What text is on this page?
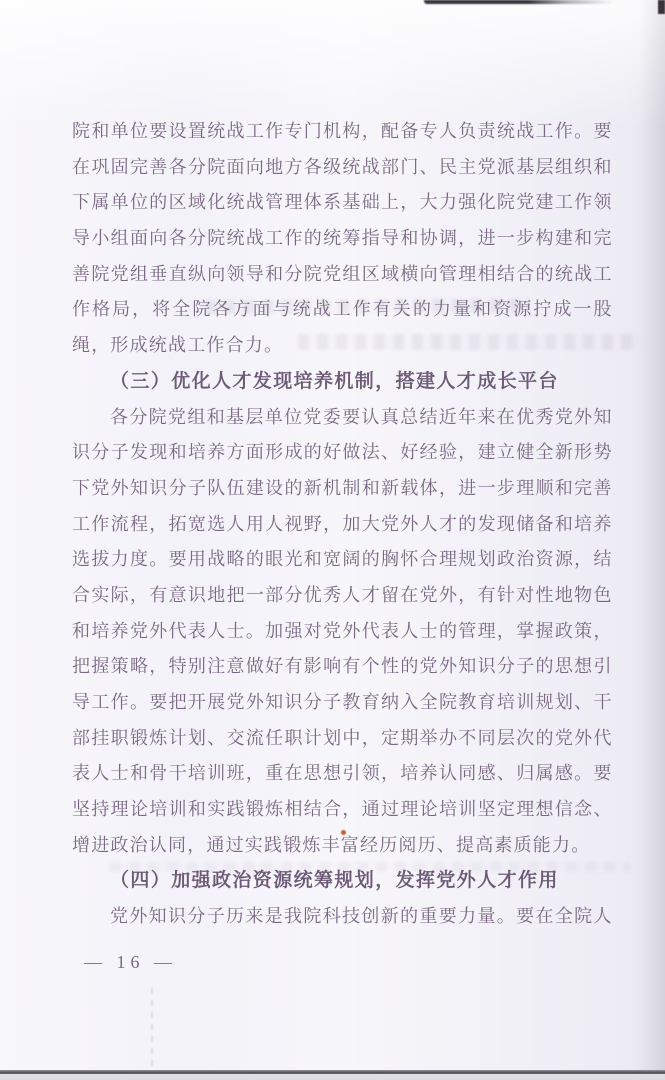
院和单位要设置统战工作专门机构，配备专人负责统战工作。要
在巩固完善各分院面向地方各级统战部门、民主党派基层组织和
下属单位的区域化统战管理体系基础上，大力强化院党建工作领
导小组面向各分院统战工作的统筹指导和协调，进一步构建和完
善院党组垂直纵向领导和分院党组区域横向管理相结合的统战工
作格局，将全院各方面与统战工作有关的力量和资源拧成一股
绳，形成统战工作合力。
（三）优化人才发现培养机制，搭建人才成长平台
各分院党组和基层单位党委要认真总结近年来在优秀党外知
识分子发现和培养方面形成的好做法、好经验，建立健全新形势
下党外知识分子队伍建设的新机制和新载体，进一步理顺和完善
工作流程，拓宽选人用人视野，加大党外人才的发现储备和培养
选拔力度。要用战略的眼光和宽阔的胸怀合理规划政治资源，结
合实际，有意识地把一部分优秀人才留在党外，有针对性地物色
和培养党外代表人士。加强对党外代表人士的管理，掌握政策，
把握策略，特别注意做好有影响有个性的党外知识分子的思想引
导工作。要把开展党外知识分子教育纳入全院教育培训规划、干
部挂职锻炼计划、交流任职计划中，定期举办不同层次的党外代
表人士和骨干培训班，重在思想引领，培养认同感、归属感。要
坚持理论培训和实践锻炼相结合，通过理论培训坚定理想信念、
增进政治认同，通过实践锻炼丰富经历阅历、提高素质能力。
（四）加强政治资源统筹规划，发挥党外人才作用
党外知识分子历来是我院科技创新的重要力量。要在全院人
— 16 —
